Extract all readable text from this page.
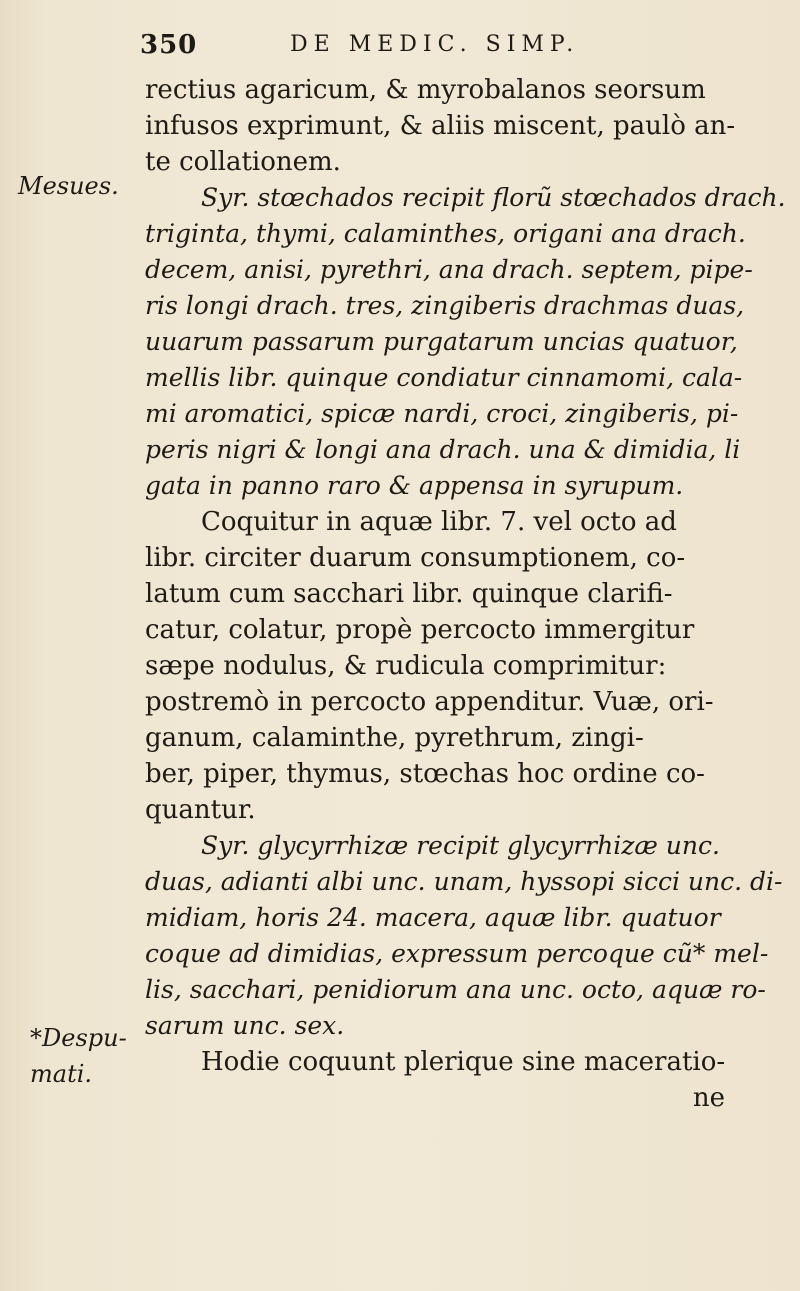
350	DE MEDIC. SIMP.
Mesues.
*Despu-
mati.
rectius agaricum, & myrobalanos seorsum
infusos exprimunt, & aliis miscent, paulò an-
te collationem.
Syr. stœchados recipit florũ stœchados drach.
triginta, thymi, calaminthes, origani ana drach.
decem, anisi, pyrethri, ana drach. septem, pipe-
ris longi drach. tres, zingiberis drachmas duas,
uuarum passarum purgatarum uncias quatuor,
mellis libr. quinque condiatur cinnamomi, cala-
mi aromatici, spicæ nardi, croci, zingiberis, pi-
peris nigri & longi ana drach. una & dimidia, li
gata in panno raro & appensa in syrupum.
Coquitur in aquæ libr. 7. vel octo ad
libr. circiter duarum consumptionem, co-
latum cum sacchari libr. quinque clarifi-
catur, colatur, propè percocto immergitur
sæpe nodulus, & rudicula comprimitur:
postremò in percocto appenditur. Vuæ, ori-
ganum, calaminthe, pyrethrum, zingi-
ber, piper, thymus, stœchas hoc ordine co-
quantur.
Syr. glycyrrhizæ recipit glycyrrhizæ unc.
duas, adianti albi unc. unam, hyssopi sicci unc. di-
midiam, horis 24. macera, aquæ libr. quatuor
coque ad dimidias, expressum percoque cũ* mel-
lis, sacchari, penidiorum ana unc. octo, aquæ ro-
sarum unc. sex.
Hodie coquunt plerique sine maceratio-
ne
